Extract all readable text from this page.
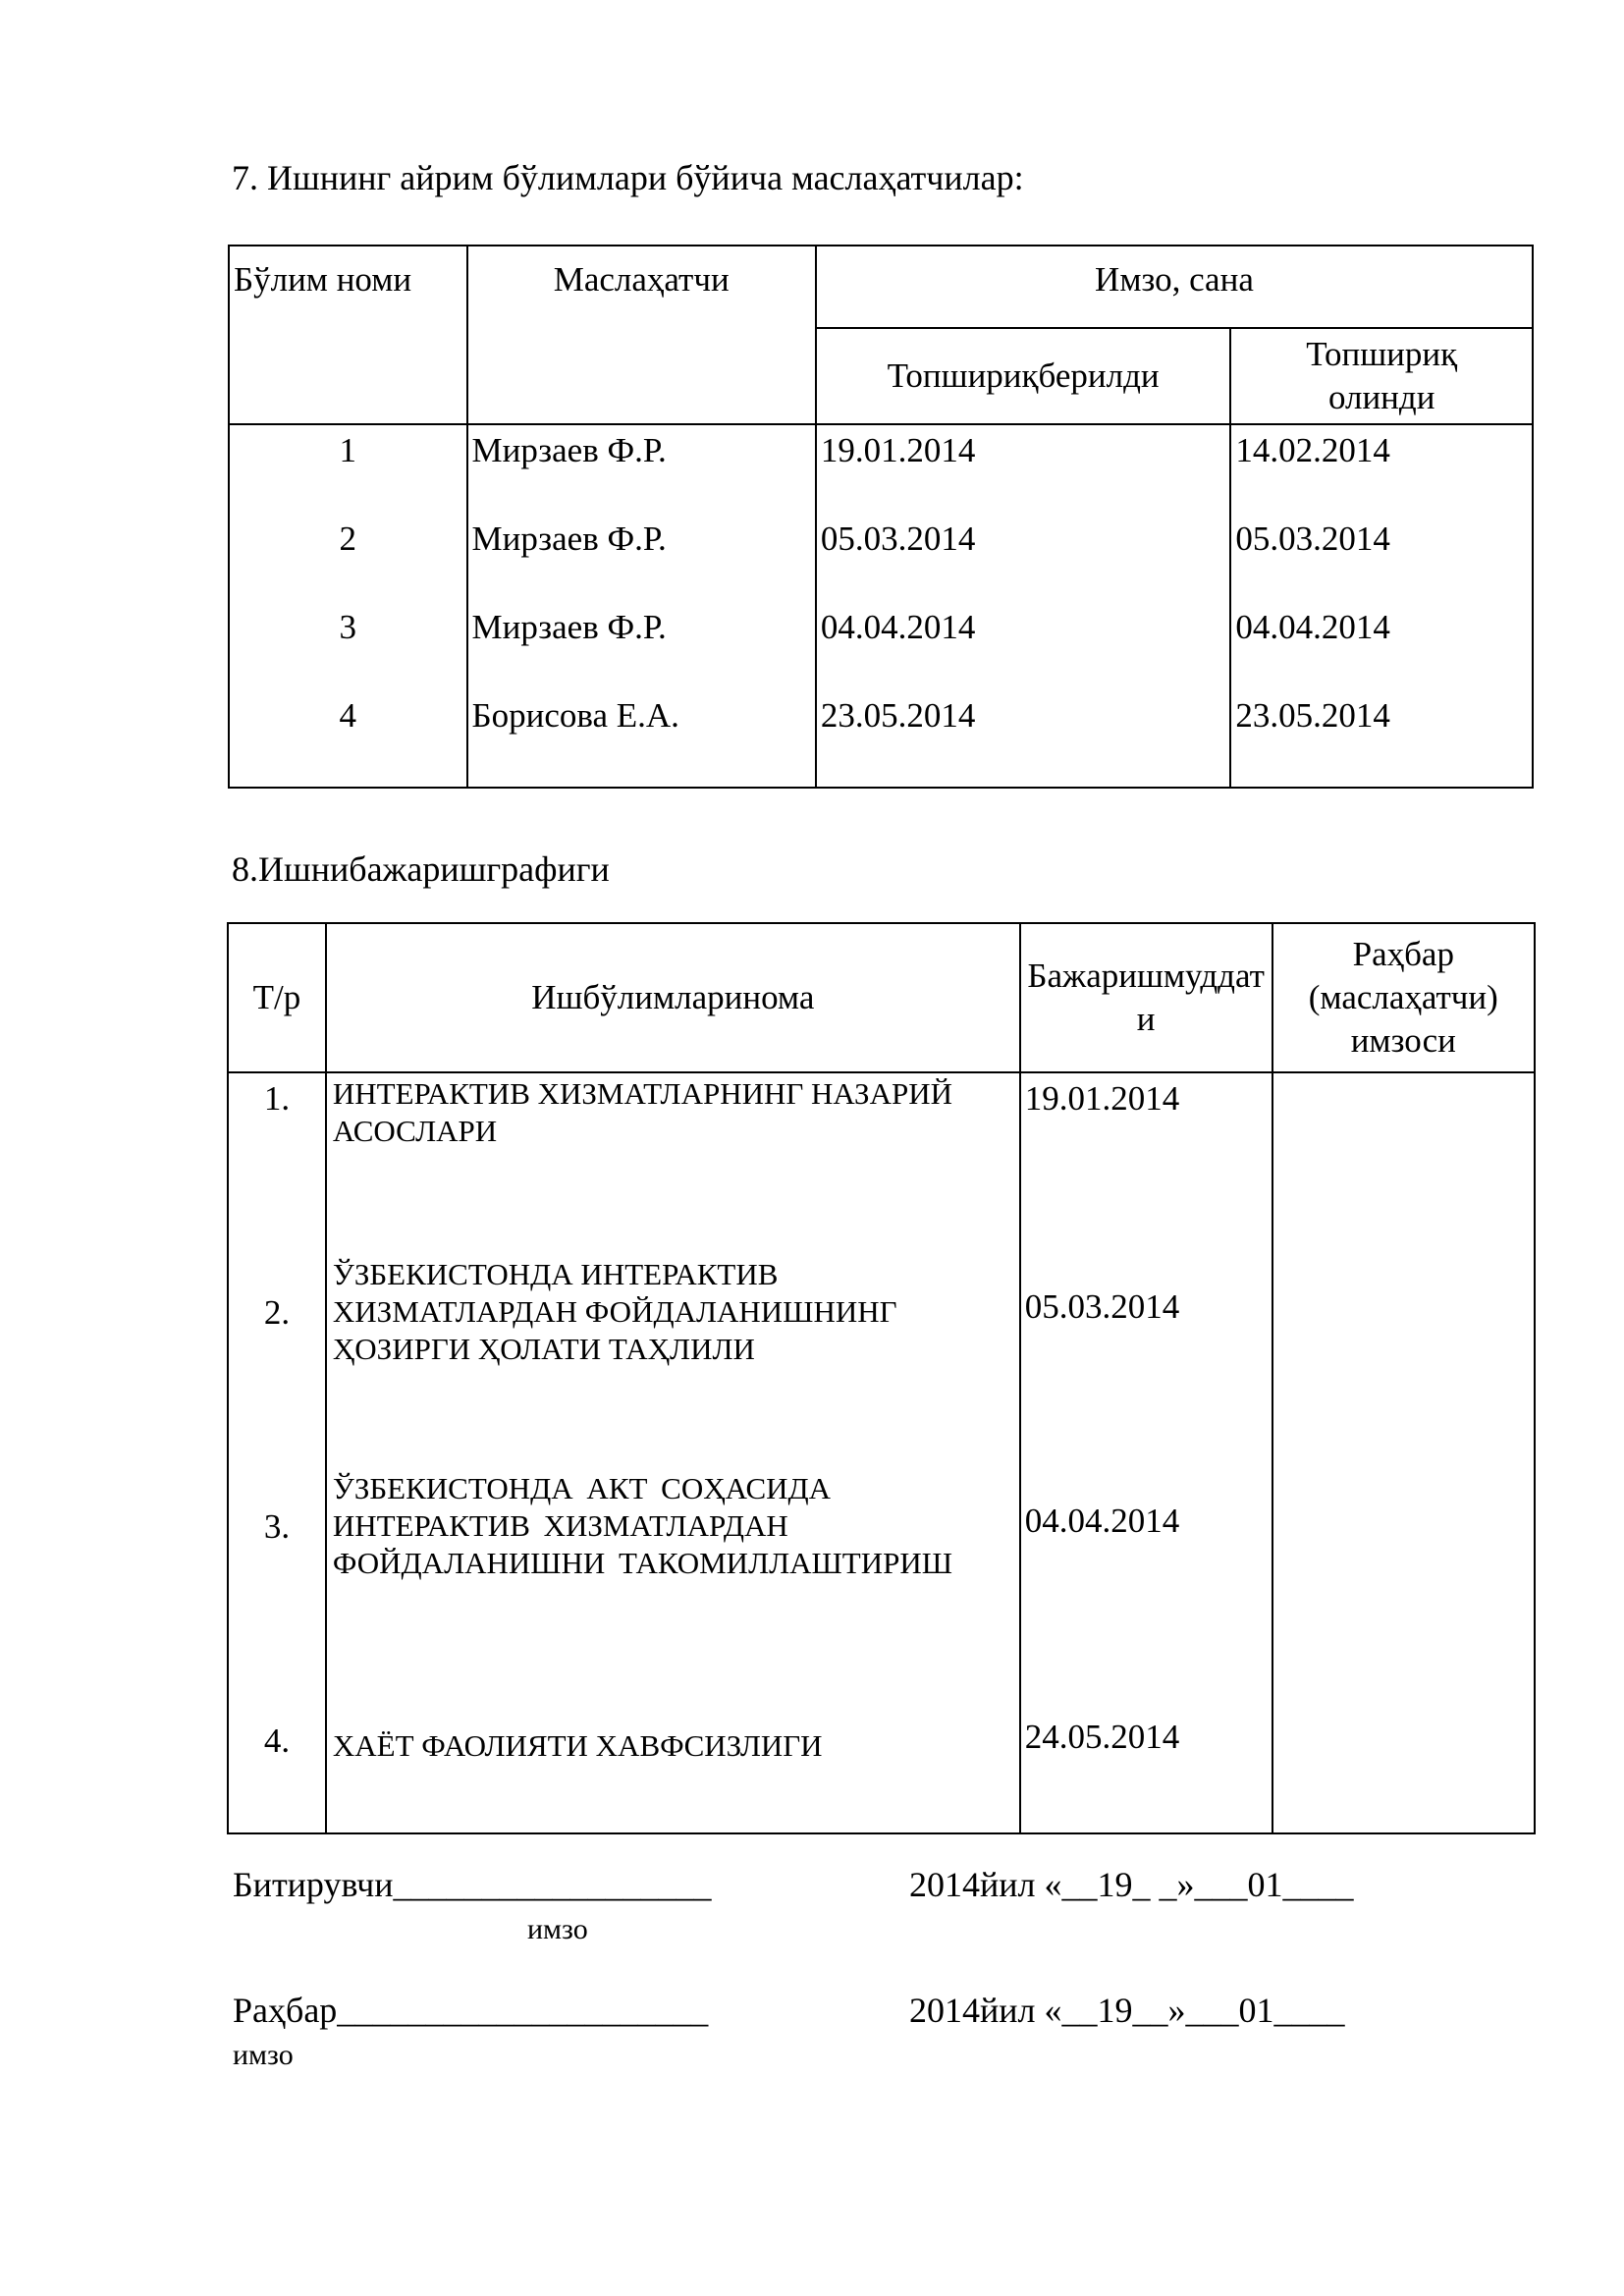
7. Ишнинг айрим бўлимлари бўйича маслаҳатчилар:
Бўлим номи	Маслаҳатчи	Имзо, сана	
		Топшириқберилди	Топшириқ олинди
1	Мирзаев Ф.Р.	19.01.2014	14.02.2014
2	Мирзаев Ф.Р.	05.03.2014	05.03.2014
3	Мирзаев Ф.Р.	04.04.2014	04.04.2014
4	Борисова Е.А.	23.05.2014	23.05.2014
8.Ишнибажаришграфиги
Т/р	Ишбўлимларинома	Бажаришмуддати	Раҳбар (маслаҳатчи) имзоси
1.	ИНТЕРАКТИВ ХИЗМАТЛАРНИНГ НАЗАРИЙ АСОСЛАРИ	19.01.2014	
2.	ЎЗБЕКИСТОНДА ИНТЕРАКТИВ ХИЗМАТЛАРДАН ФОЙДАЛАНИШНИНГ ҲОЗИРГИ ҲОЛАТИ ТАҲЛИЛИ	05.03.2014	
3.	ЎЗБЕКИСТОНДА АКТ СОҲАСИДА ИНТЕРАКТИВ ХИЗМАТЛАРДАН ФОЙДАЛАНИШНИ ТАКОМИЛЛАШТИРИШ	04.04.2014	
4.	ХАЁТ ФАОЛИЯТИ ХАВФСИЗЛИГИ	24.05.2014	
Битирувчи__________________
имзо
2014йил «__19_ _»___01____
Раҳбар_____________________
имзо
2014йил «__19__»___01____
